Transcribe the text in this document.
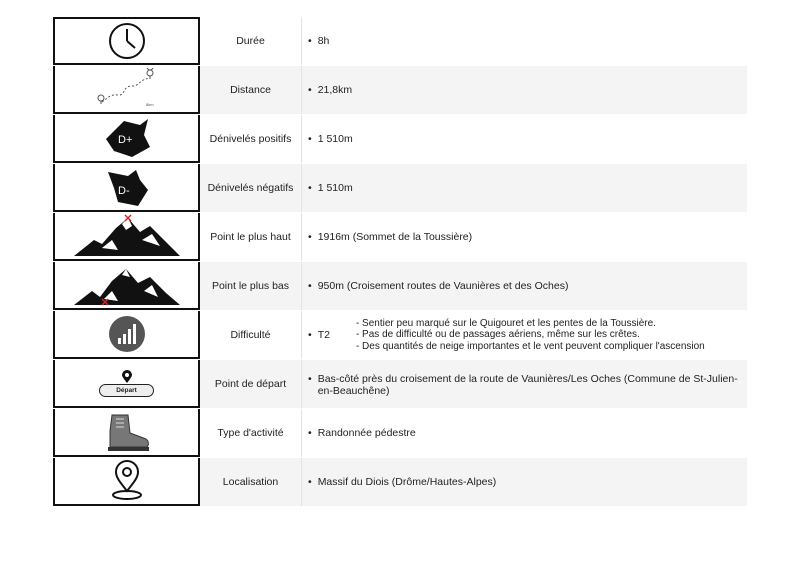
Durée	• 8h
8km
Distance	• 21,8km
D+	Dénivelés positifs	• 1 510m
D-	Dénivelés négatifs	• 1 510m
Point le plus haut	• 1916m (Sommet de la Toussière)
Point le plus bas	• 950m (Croisement routes de Vaunières et des Oches)
Difficulté	• T2
- Sentier peu marqué sur le Quigouret et les pentes de la Toussière.
- Pas de difficulté ou de passages aériens, même sur les crêtes.
- Des quantités de neige importantes et le vent peuvent compliquer l'ascension
Départ	Point de départ	• Bas-côté près du croisement de la route de Vaunières/Les Oches (Commune de St-Julien-en-Beauchêne)
Type d'activité	• Randonnée pédestre
Localisation	• Massif du Diois (Drôme/Hautes-Alpes)
